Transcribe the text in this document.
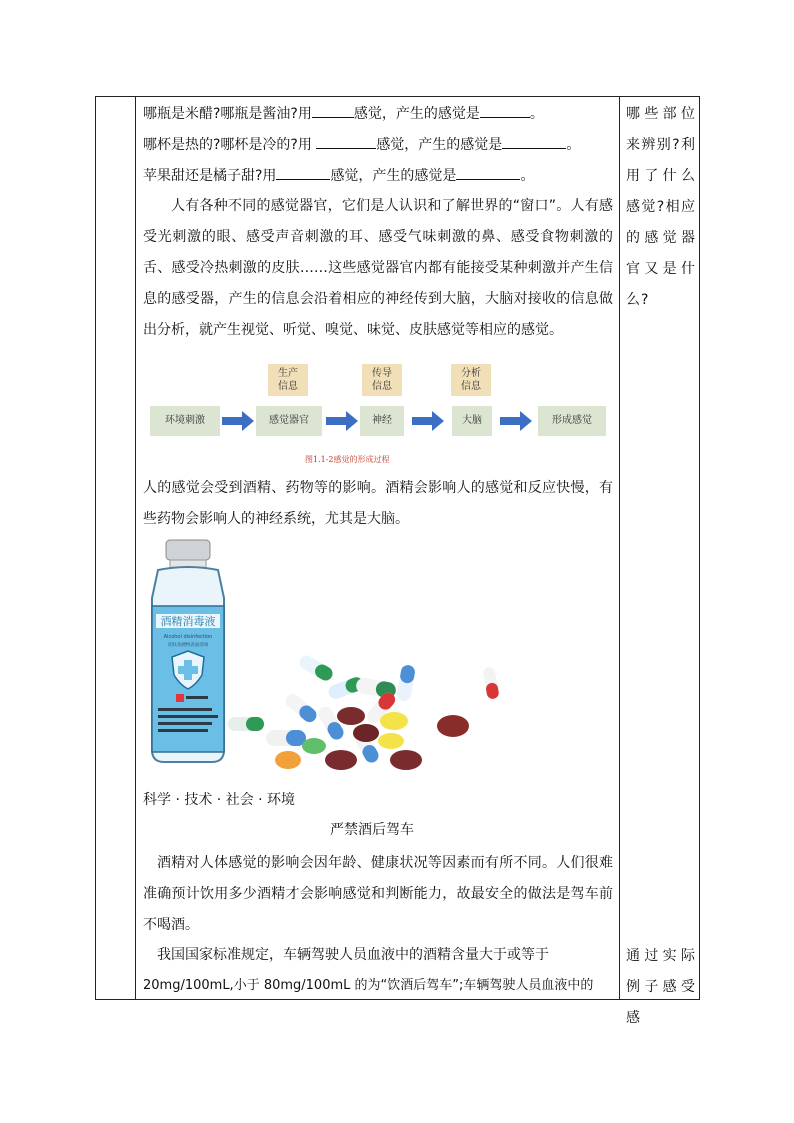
哪瓶是米醋?哪瓶是酱油?用	感觉，产生的感觉是	。
哪杯是热的?哪杯是冷的?用	感觉，产生的感觉是	。
苹果甜还是橘子甜?用	感觉，产生的感觉是	。
人有各种不同的感觉器官，它们是人认识和了解世界的“窗口”。人有感受光刺激的眼、感受声音刺激的耳、感受气味刺激的鼻、感受食物刺激的舌、感受冷热刺激的皮肤……这些感觉器官内都有能接受某种刺激并产生信息的感受器，产生的信息会沿着相应的神经传到大脑，大脑对接收的信息做出分析，就产生视觉、听觉、嗅觉、味觉、皮肤感觉等相应的感觉。
哪些部位来辨别?利用了什么感觉?相应的感觉器官又是什么?
生产
信息
传导
信息
分析
信息
环境刺激	感觉器官	神经	大脑	形成感觉
图1.1-2感觉的形成过程
人的感觉会受到酒精、药物等的影响。酒精会影响人的感觉和反应快慢，有些药物会影响人的神经系统，尤其是大脑。
酒精消毒液
Alcohol disinfection
皮肤及硬物表面消毒
科学 · 技术 · 社会 · 环境
严禁酒后驾车
酒精对人体感觉的影响会因年龄、健康状况等因素而有所不同。人们很难准确预计饮用多少酒精才会影响感觉和判断能力，故最安全的做法是驾车前不喝酒。
我国国家标准规定，车辆驾驶人员血液中的酒精含量大于或等于
20mg/100mL,小于 80mg/100mL 的为“饮酒后驾车”;车辆驾驶人员血液中的
通过实际例子感受感
